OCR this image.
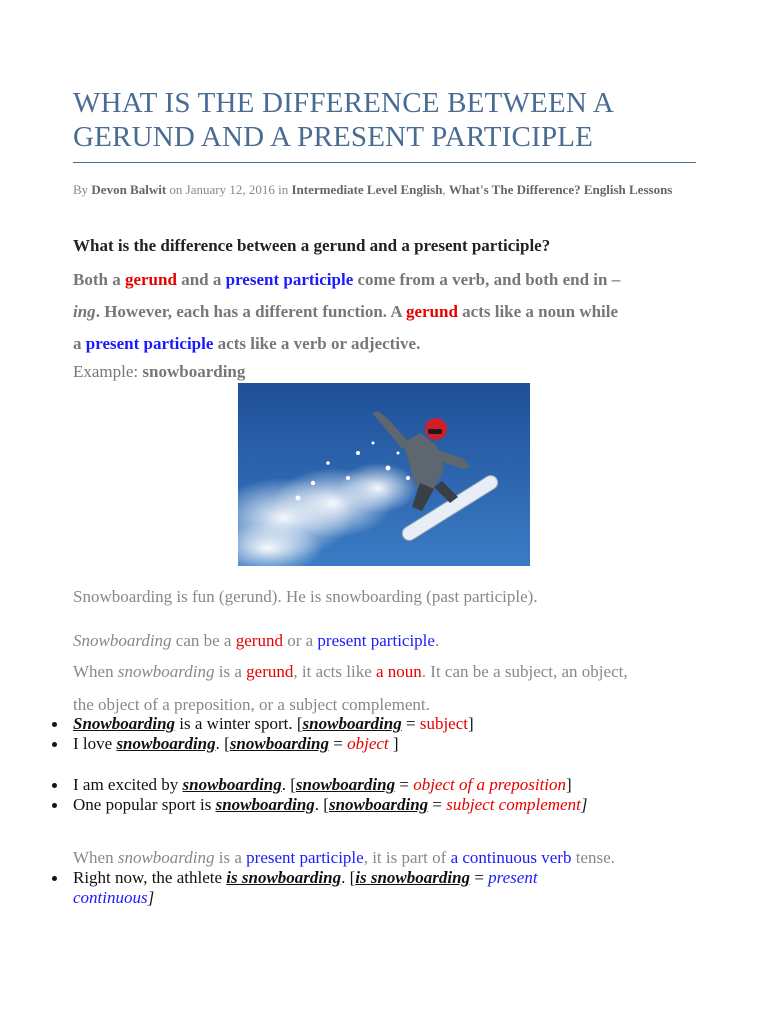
WHAT IS THE DIFFERENCE BETWEEN A
GERUND AND A PRESENT PARTICIPLE
By Devon Balwit on January 12, 2016 in Intermediate Level English, What's The Difference? English Lessons
What is the difference between a gerund and a present participle?
Both a gerund and a present participle come from a verb, and both end in –
ing. However, each has a different function. A gerund acts like a noun while
a present participle acts like a verb or adjective.
Example: snowboarding
Snowboarding is fun (gerund). He is snowboarding (past participle).
Snowboarding can be a gerund or a present participle.
When snowboarding is a gerund, it acts like a noun. It can be a subject, an object,
the object of a preposition, or a subject complement.
Snowboarding is a winter sport. [snowboarding = subject]
I love snowboarding. [snowboarding = object ]
I am excited by snowboarding. [snowboarding = object of a preposition]
One popular sport is snowboarding. [snowboarding = subject complement]
When snowboarding is a present participle, it is part of a continuous verb tense.
Right now, the athlete is snowboarding. [is snowboarding = present
continuous]
